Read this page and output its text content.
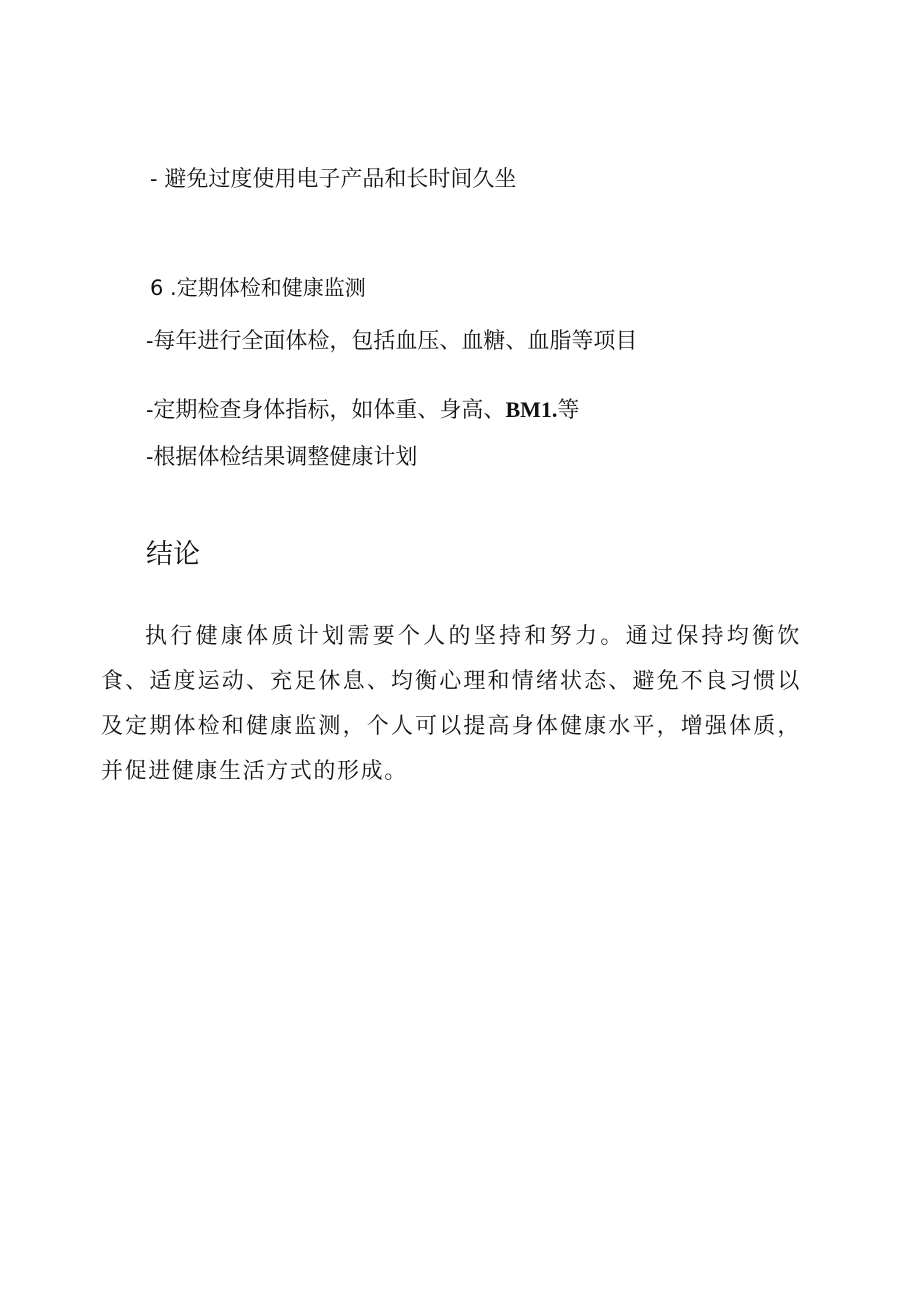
- 避免过度使用电子产品和长时间久坐
6 .定期体检和健康监测
-每年进行全面体检，包括血压、血糖、血脂等项目
-定期检查身体指标，如体重、身高、BM1.等
-根据体检结果调整健康计划
结论

执行健康体质计划需要个人的坚持和努力。通过保持均衡饮食、适度运动、充足休息、均衡心理和情绪状态、避免不良习惯以及定期体检和健康监测，个人可以提高身体健康水平，增强体质，并促进健康生活方式的形成。
